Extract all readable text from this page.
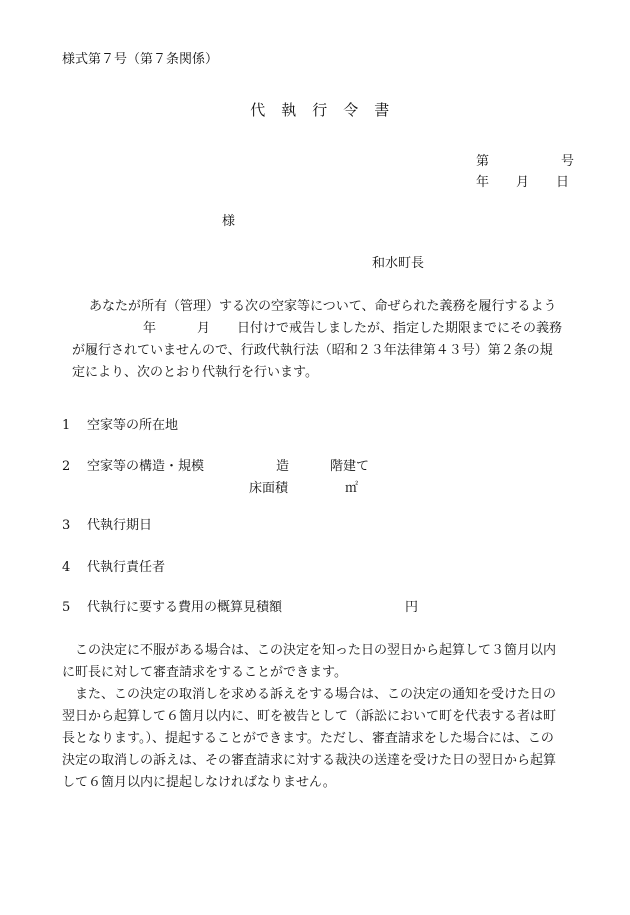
様式第７号（第７条関係）
代　執　行　令　書
第	号
年 月 日
様
和水町長
あなたが所有（管理）する次の空家等について、命ぜられた義務を履行するよう
年	月 日付けで戒告しましたが、指定した期限までにその義務
が履行されていませんので、行政代執行法（昭和２３年法律第４３号）第２条の規
定により、次のとおり代執行を行います。
1 空家等の所在地
2 空家等の構造・規模	造	階建て
床面積	㎡
3 代執行期日
4 代執行責任者
5 代執行に要する費用の概算見積額	円
この決定に不服がある場合は、この決定を知った日の翌日から起算して３箇月以内
に町長に対して審査請求をすることができます。
また、この決定の取消しを求める訴えをする場合は、この決定の通知を受けた日の
翌日から起算して６箇月以内に、町を被告として（訴訟において町を代表する者は町
長となります。）、提起することができます。ただし、審査請求をした場合には、この
決定の取消しの訴えは、その審査請求に対する裁決の送達を受けた日の翌日から起算
して６箇月以内に提起しなければなりません。
